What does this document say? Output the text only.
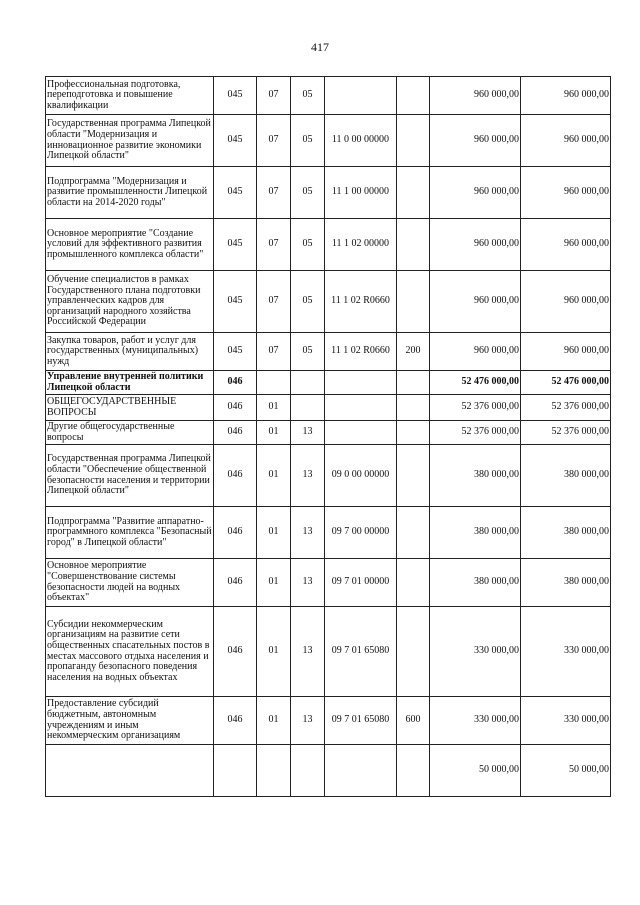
417
Профессиональная подготовка, переподготовка и повышение квалификации	045	07	05			960 000,00	960 000,00
Государственная программа Липецкой области "Модернизация и инновационное развитие экономики Липецкой области"	045	07	05	11 0 00 00000		960 000,00	960 000,00
Подпрограмма "Модернизация и развитие промышленности Липецкой области на 2014-2020 годы"	045	07	05	11 1 00 00000		960 000,00	960 000,00
Основное мероприятие "Создание условий для эффективного развития промышленного комплекса области"	045	07	05	11 1 02 00000		960 000,00	960 000,00
Обучение специалистов в рамках Государственного плана подготовки управленческих кадров для организаций народного хозяйства Российской Федерации	045	07	05	11 1 02 R0660		960 000,00	960 000,00
Закупка товаров, работ и услуг для государственных (муниципальных) нужд	045	07	05	11 1 02 R0660	200	960 000,00	960 000,00
Управление внутренней политики Липецкой области	046					52 476 000,00	52 476 000,00
ОБЩЕГОСУДАРСТВЕННЫЕ ВОПРОСЫ	046	01				52 376 000,00	52 376 000,00
Другие общегосударственные вопросы	046	01	13			52 376 000,00	52 376 000,00
Государственная программа Липецкой области "Обеспечение общественной безопасности населения и территории Липецкой области"	046	01	13	09 0 00 00000		380 000,00	380 000,00
Подпрограмма "Развитие аппаратно-программного комплекса "Безопасный город" в Липецкой области"	046	01	13	09 7 00 00000		380 000,00	380 000,00
Основное мероприятие "Совершенствование системы безопасности людей на водных объектах"	046	01	13	09 7 01 00000		380 000,00	380 000,00
Субсидии некоммерческим организациям на развитие сети общественных спасательных постов в местах массового отдыха населения и пропаганду безопасного поведения населения на водных объектах	046	01	13	09 7 01 65080		330 000,00	330 000,00
Предоставление субсидий бюджетным, автономным учреждениям и иным некоммерческим организациям	046	01	13	09 7 01 65080	600	330 000,00	330 000,00
						50 000,00	50 000,00
